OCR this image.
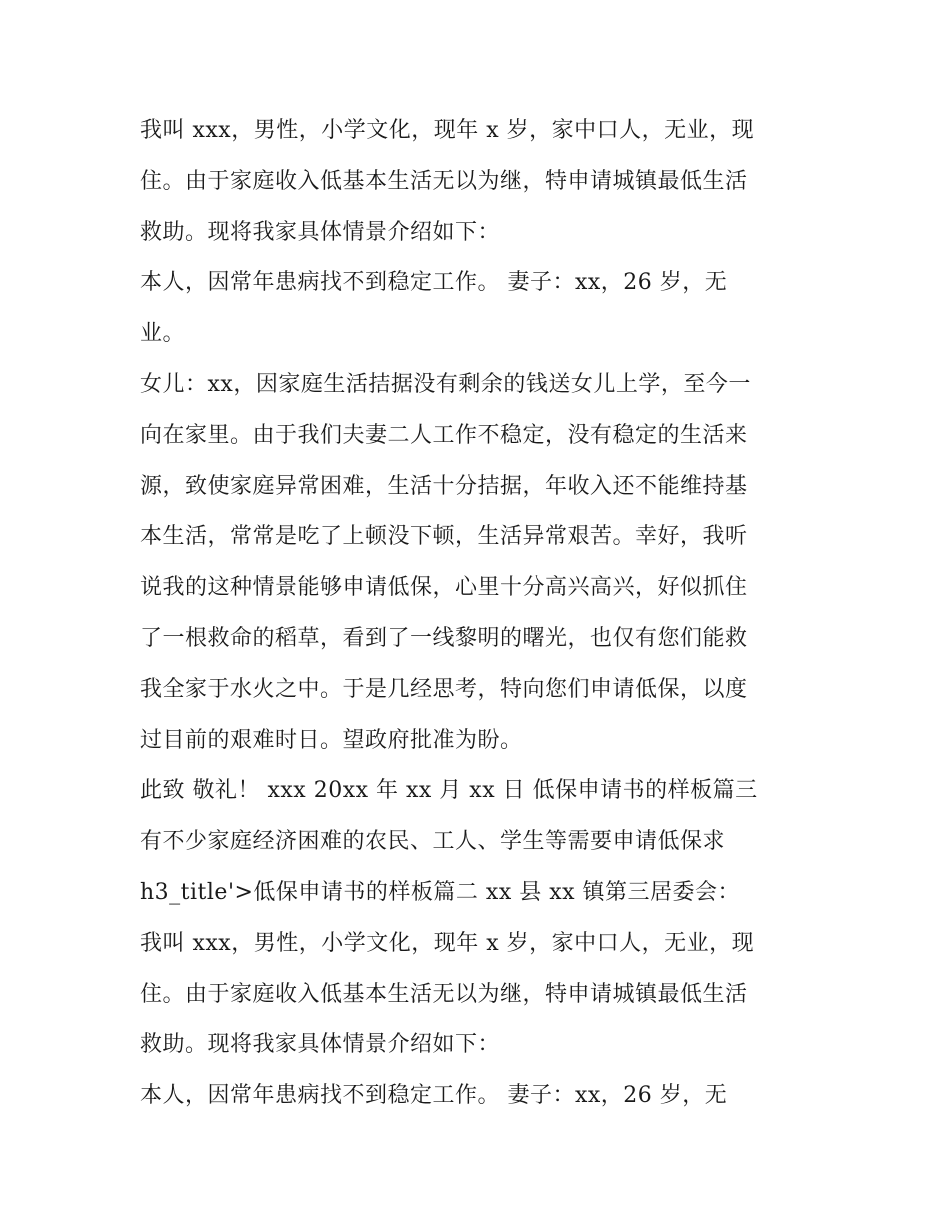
我叫 xxx，男性，小学文化，现年 x 岁，家中口人，无业，现
住。由于家庭收入低基本生活无以为继，特申请城镇最低生活
救助。现将我家具体情景介绍如下：
本人，因常年患病找不到稳定工作。 妻子：xx，26 岁，无
业。
女儿：xx，因家庭生活拮据没有剩余的钱送女儿上学，至今一
向在家里。由于我们夫妻二人工作不稳定，没有稳定的生活来
源，致使家庭异常困难，生活十分拮据，年收入还不能维持基
本生活，常常是吃了上顿没下顿，生活异常艰苦。幸好，我听
说我的这种情景能够申请低保，心里十分高兴高兴，好似抓住
了一根救命的稻草，看到了一线黎明的曙光，也仅有您们能救
我全家于水火之中。于是几经思考，特向您们申请低保，以度
过目前的艰难时日。望政府批准为盼。
此致 敬礼！ xxx 20xx 年 xx 月 xx 日 低保申请书的样板篇三
有不少家庭经济困难的农民、工人、学生等需要申请低保求
h3_title'>低保申请书的样板篇二 xx 县 xx 镇第三居委会：
我叫 xxx，男性，小学文化，现年 x 岁，家中口人，无业，现
住。由于家庭收入低基本生活无以为继，特申请城镇最低生活
救助。现将我家具体情景介绍如下：
本人，因常年患病找不到稳定工作。 妻子：xx，26 岁，无
